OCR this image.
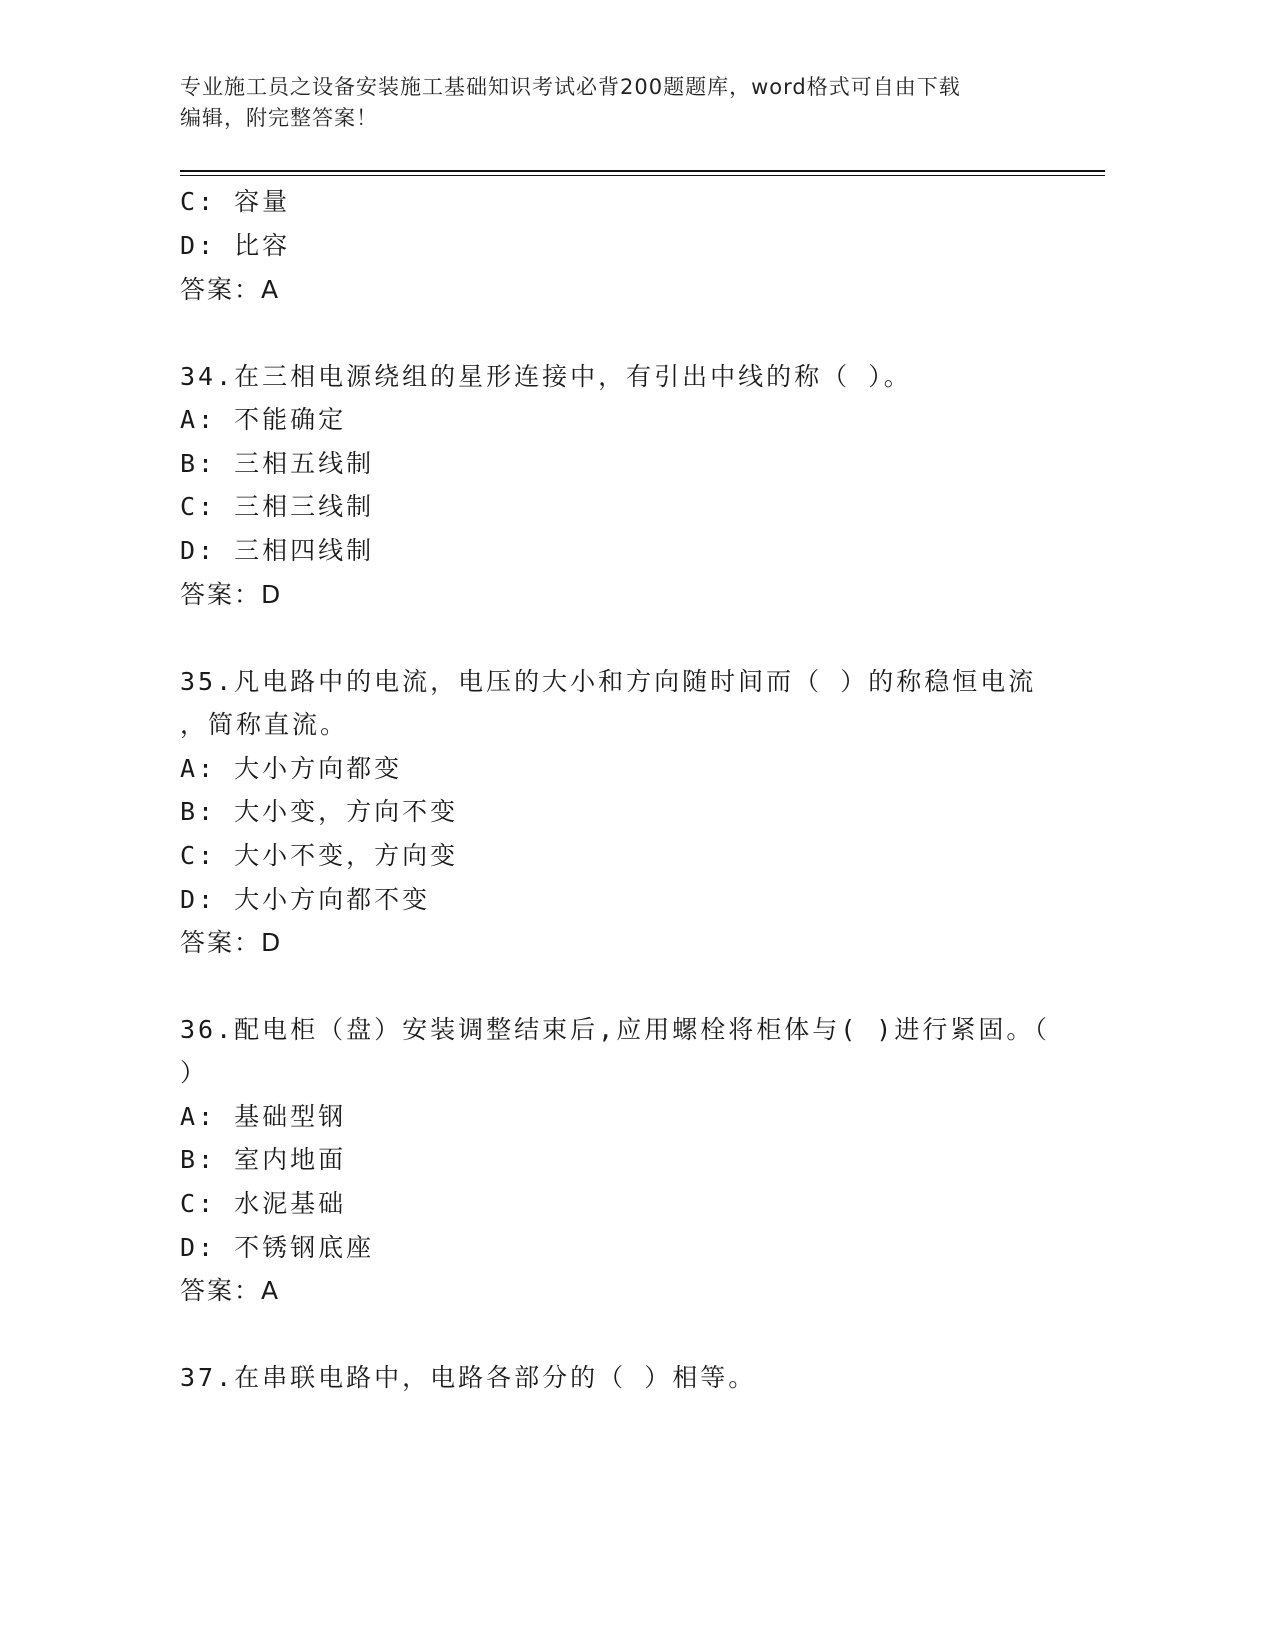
专业施工员之设备安装施工基础知识考试必背200题题库，word格式可自由下载
编辑，附完整答案！
C: 容量
D: 比容
答案：A
34.在三相电源绕组的星形连接中，有引出中线的称（ ）。
A: 不能确定
B: 三相五线制
C: 三相三线制
D: 三相四线制
答案：D
35.凡电路中的电流，电压的大小和方向随时间而（ ）的称稳恒电流
，简称直流。
A: 大小方向都变
B: 大小变，方向不变
C: 大小不变，方向变
D: 大小方向都不变
答案：D
36.配电柜（盘）安装调整结束后,应用螺栓将柜体与( )进行紧固。（
）
A: 基础型钢
B: 室内地面
C: 水泥基础
D: 不锈钢底座
答案：A
37.在串联电路中，电路各部分的（ ）相等。
